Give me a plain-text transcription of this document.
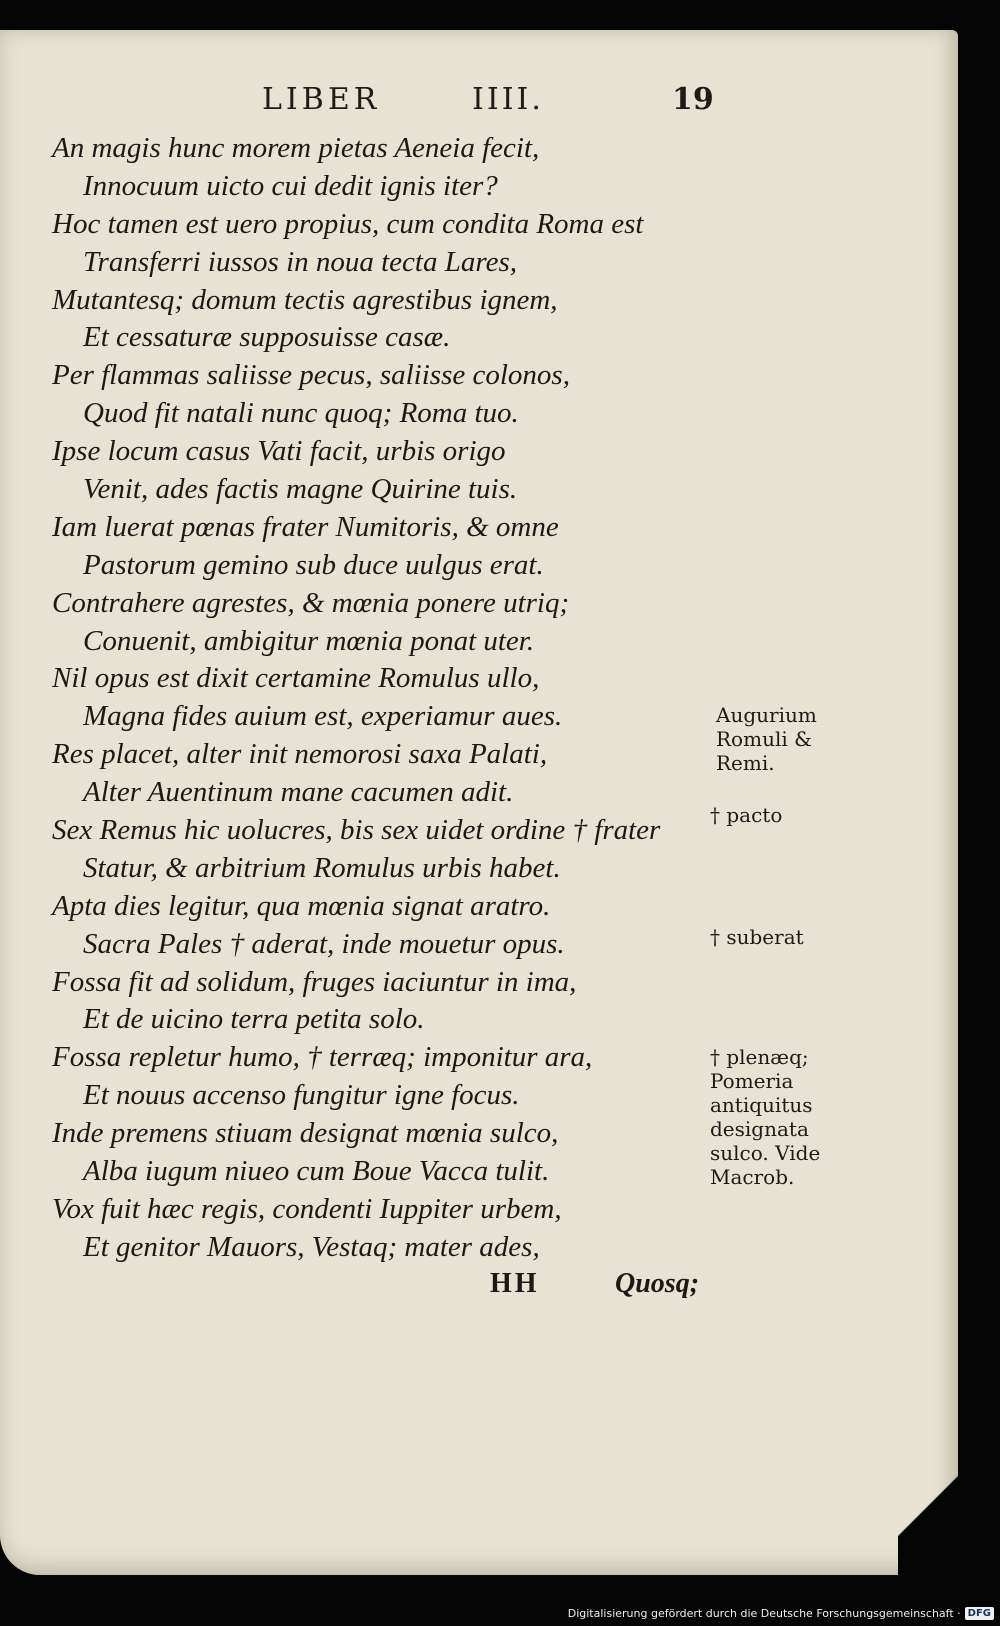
LIBER	IIII.	19
An magis hunc morem pietas Aeneia fecit,
Innocuum uicto cui dedit ignis iter?
Hoc tamen est uero propius, cum condita Roma est
Transferri iussos in noua tecta Lares,
Mutantesq; domum tectis agrestibus ignem,
Et cessaturæ supposuisse casæ.
Per flammas saliisse pecus, saliisse colonos,
Quod fit natali nunc quoq; Roma tuo.
Ipse locum casus Vati facit, urbis origo
Venit, ades factis magne Quirine tuis.
Iam luerat pœnas frater Numitoris, & omne
Pastorum gemino sub duce uulgus erat.
Contrahere agrestes, & mœnia ponere utriq;
Conuenit, ambigitur mœnia ponat uter.
Nil opus est dixit certamine Romulus ullo,
Magna fides auium est, experiamur aues.
Res placet, alter init nemorosi saxa Palati,
Alter Auentinum mane cacumen adit.
Sex Remus hic uolucres, bis sex uidet ordine † frater
Statur, & arbitrium Romulus urbis habet.
Apta dies legitur, qua mœnia signat aratro.
Sacra Pales † aderat, inde mouetur opus.
Fossa fit ad solidum, fruges iaciuntur in ima,
Et de uicino terra petita solo.
Fossa repletur humo, † terræq; imponitur ara,
Et nouus accenso fungitur igne focus.
Inde premens stiuam designat mœnia sulco,
Alba iugum niueo cum Boue Vacca tulit.
Vox fuit hæc regis, condenti Iuppiter urbem,
Et genitor Mauors, Vestaq; mater ades,
Augurium
Romuli &
Remi.
† pacto
† suberat
† plenæq;
Pomeria
antiquitus
designata
sulco. Vide
Macrob.
HH	Quosq;
Digitalisierung gefördert durch die Deutsche Forschungsgemeinschaft · DFG
